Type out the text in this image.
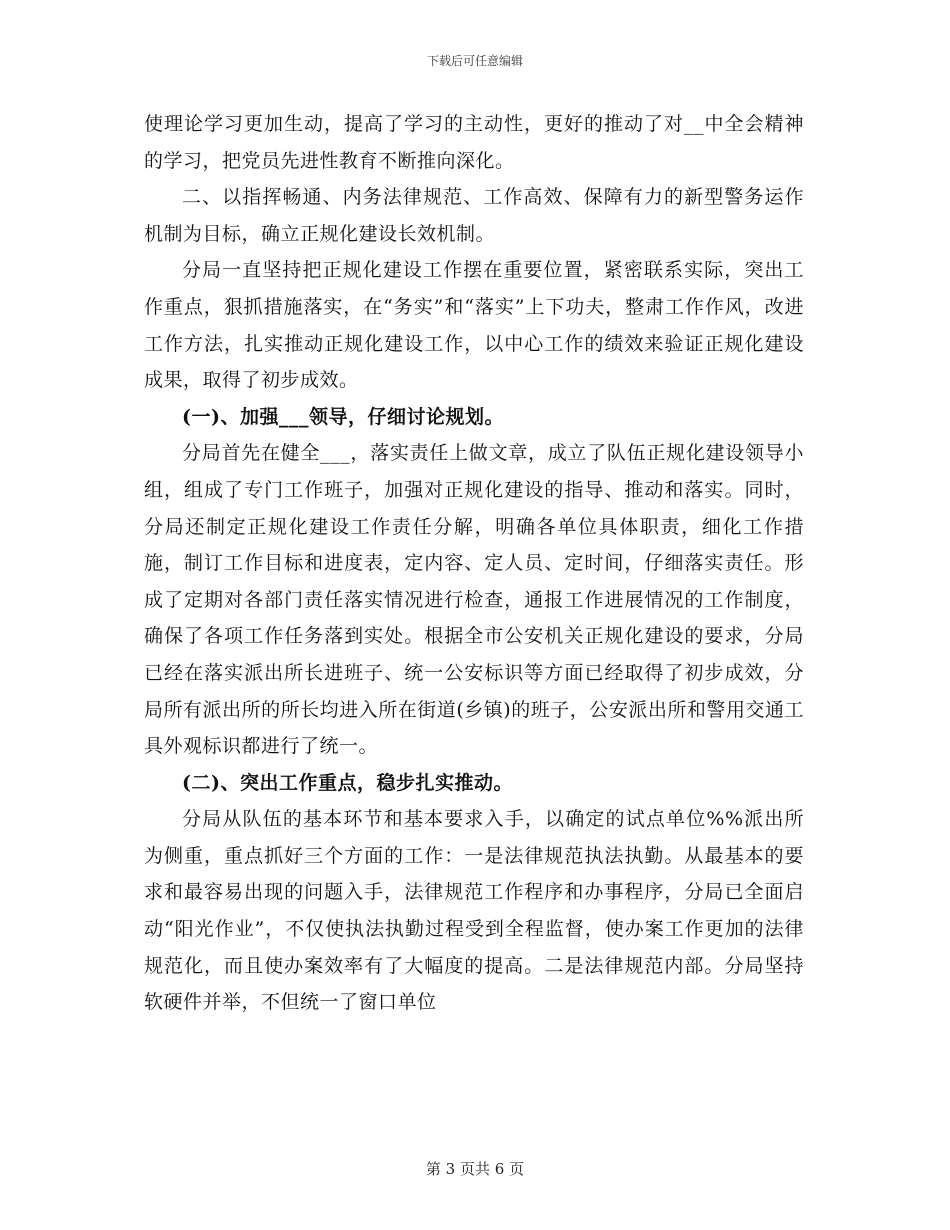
下载后可任意编辑

使理论学习更加生动，提高了学习的主动性，更好的推动了对__中全会精神的学习，把党员先进性教育不断推向深化。

二、以指挥畅通、内务法律规范、工作高效、保障有力的新型警务运作机制为目标，确立正规化建设长效机制。

分局一直坚持把正规化建设工作摆在重要位置，紧密联系实际，突出工作重点，狠抓措施落实，在“务实”和“落实”上下功夫，整肃工作作风，改进工作方法，扎实推动正规化建设工作，以中心工作的绩效来验证正规化建设成果，取得了初步成效。

(一)、加强___领导，仔细讨论规划。

分局首先在健全___，落实责任上做文章，成立了队伍正规化建设领导小组，组成了专门工作班子，加强对正规化建设的指导、推动和落实。同时，分局还制定正规化建设工作责任分解，明确各单位具体职责，细化工作措施，制订工作目标和进度表，定内容、定人员、定时间，仔细落实责任。形成了定期对各部门责任落实情况进行检查，通报工作进展情况的工作制度，确保了各项工作任务落到实处。根据全市公安机关正规化建设的要求，分局已经在落实派出所长进班子、统一公安标识等方面已经取得了初步成效，分局所有派出所的所长均进入所在街道(乡镇)的班子，公安派出所和警用交通工具外观标识都进行了统一。

(二)、突出工作重点，稳步扎实推动。

分局从队伍的基本环节和基本要求入手，以确定的试点单位%%派出所为侧重，重点抓好三个方面的工作：一是法律规范执法执勤。从最基本的要求和最容易出现的问题入手，法律规范工作程序和办事程序，分局已全面启动“阳光作业”，不仅使执法执勤过程受到全程监督，使办案工作更加的法律规范化，而且使办案效率有了大幅度的提高。二是法律规范内部。分局坚持软硬件并举，不但统一了窗口单位

第 3 页共 6 页
